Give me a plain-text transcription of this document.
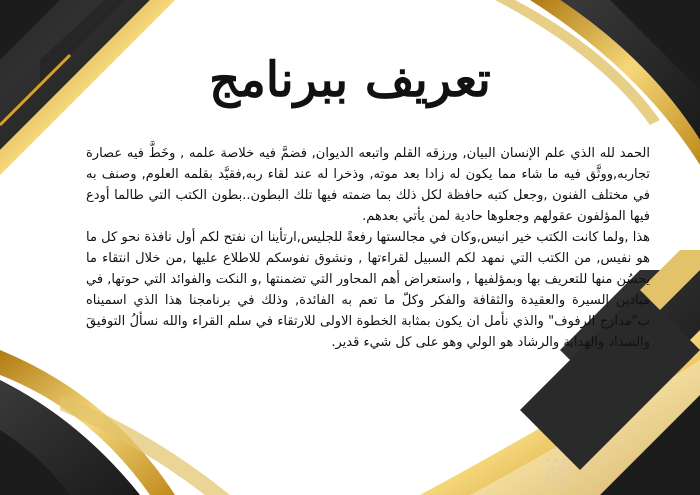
تعريف ببرنامج

الحمد لله الذي علم الإنسان البيان, ورزقه القلم واتبعه الديوان, فضمَّ فيه خلاصة علمه , وخَطَّ فيه عصارة تجاربه,ووثَّق فيه ما شاء مما يكون له زادا بعد موته, وذخرا له عند لقاء ربه,فقيَّد بقلمه العلوم, وصنف به في مختلف الفنون ,وجعل كتبه حافظة لكل ذلك بما ضمته فيها تلك البطون..بطون الكتب التي طالما أودع فيها المؤلفون عقولهم وجعلوها حادية لمن يأتي بعدهم.

هذا ,ولما كانت الكتب خير انيس,وكان في مجالستها رفعةً للجليس,ارتأينا ان نفتح لكم أول نافذة نحو كل ما هو نفيس, من الكتب التي نمهد لكم السبيل لقراءتها , ونشوق نفوسكم للاطلاع عليها ,من خلال انتقاء ما يحسُن منها للتعريف بها وبمؤلفيها , واستعراض أهم المحاور التي تضمنتها ,و النكت والفوائد التي حوتها, في ميادين السيرة والعقيدة والثقافة والفكر وكلّ ما تعم به الفائدة, وذلك في برنامجنا هذا الذي اسميناه ب"مدارج الرفوف" والذي نأمل ان يكون بمثابة الخطوة الاولى للارتقاء في سلم القراء والله نسألُ التوفيقَ والسداد والهداية والرشاد هو الولي وهو على كل شيء قدير.
